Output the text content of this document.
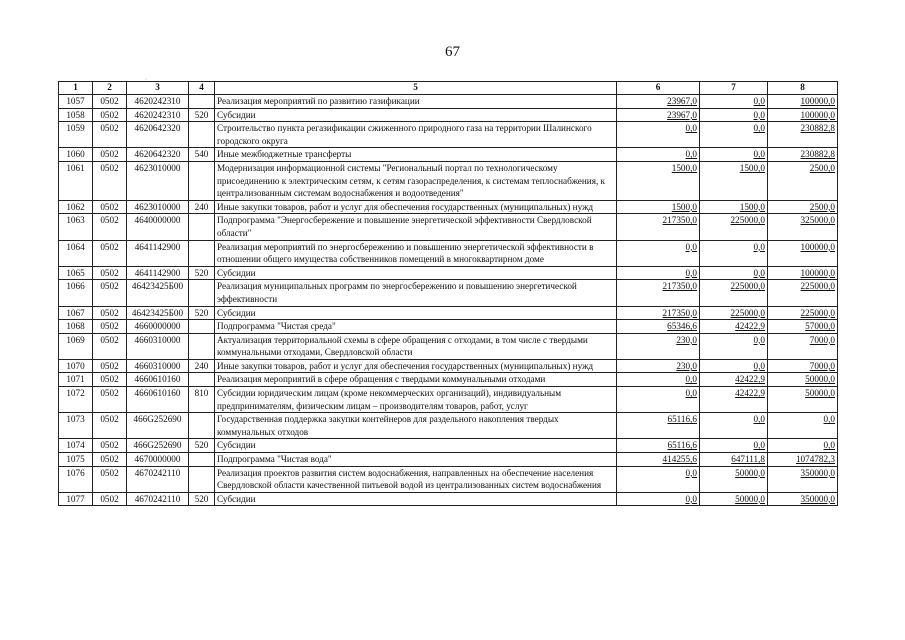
67
·
1	2	3	4	5	6	7	8
1057	0502	4620242310		Реализация мероприятий по развитию газификации	23967,0	0,0	100000,0
1058	0502	4620242310	520	Субсидии	23967,0	0,0	100000,0
1059	0502	4620642320		Строительство пункта регазификации сжиженного природного газа на территории Шалинского городского округа	0,0	0,0	230882,8
1060	0502	4620642320	540	Иные межбюджетные трансферты	0,0	0,0	230882,8
1061	0502	4623010000		Модернизация информационной системы "Региональный портал по технологическому присоединению к электрическим сетям, к сетям газораспределения, к системам теплоснабжения, к централизованным системам водоснабжения и водоотведения"	1500,0	1500,0	2500,0
1062	0502	4623010000	240	Иные закупки товаров, работ и услуг для обеспечения государственных (муниципальных) нужд	1500,0	1500,0	2500,0
1063	0502	4640000000		Подпрограмма "Энергосбережение и повышение энергетической эффективности Свердловской области"	217350,0	225000,0	325000,0
1064	0502	4641142900		Реализация мероприятий по энергосбережению и повышению энергетической эффективности в отношении общего имущества собственников помещений в многоквартирном доме	0,0	0,0	100000,0
1065	0502	4641142900	520	Субсидии	0,0	0,0	100000,0
1066	0502	46423425Б00		Реализация муниципальных программ по энергосбережению и повышению энергетической эффективности	217350,0	225000,0	225000,0
1067	0502	46423425Б00	520	Субсидии	217350,0	225000,0	225000,0
1068	0502	4660000000		Подпрограмма "Чистая среда"	65346,6	42422,9	57000,0
1069	0502	4660310000		Актуализация территориальной схемы в сфере обращения с отходами, в том числе с твердыми коммунальными отходами, Свердловской области	230,0	0,0	7000,0
1070	0502	4660310000	240	Иные закупки товаров, работ и услуг для обеспечения государственных (муниципальных) нужд	230,0	0,0	7000,0
1071	0502	4660610160		Реализация мероприятий в сфере обращения с твердыми коммунальными отходами	0,0	42422,9	50000,0
1072	0502	4660610160	810	Субсидии юридическим лицам (кроме некоммерческих организаций), индивидуальным предпринимателям, физическим лицам – производителям товаров, работ, услуг	0,0	42422,9	50000,0
1073	0502	466G252690		Государственная поддержка закупки контейнеров для раздельного накопления твердых коммунальных отходов	65116,6	0,0	0,0
1074	0502	466G252690	520	Субсидии	65116,6	0,0	0,0
1075	0502	4670000000		Подпрограмма "Чистая вода"	414255,6	647111,8	1074782,3
1076	0502	4670242110		Реализация проектов развития систем водоснабжения, направленных на обеспечение населения Свердловской области качественной питьевой водой из централизованных систем водоснабжения	0,0	50000,0	350000,0
1077	0502	4670242110	520	Субсидии	0,0	50000,0	350000,0
